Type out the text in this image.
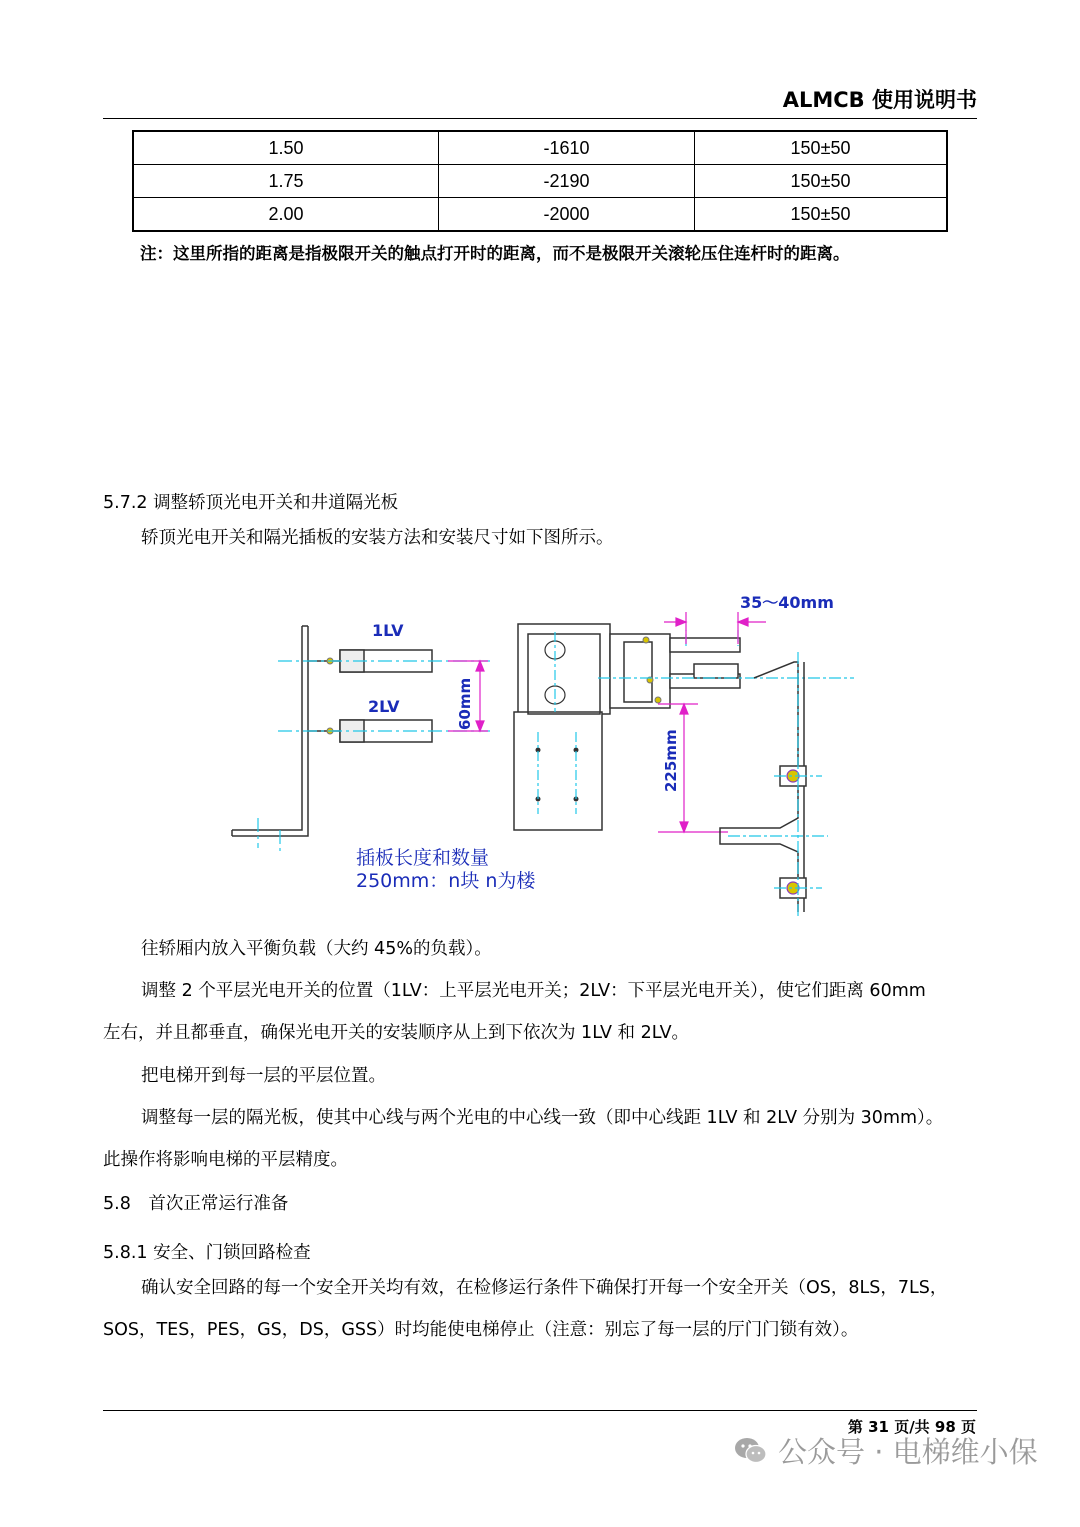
ALMCB 使用说明书
1.50	-1610	150±50
1.75	-2190	150±50
2.00	-2000	150±50
注：这里所指的距离是指极限开关的触点打开时的距离，而不是极限开关滚轮压住连杆时的距离。
5.7.2 调整轿顶光电开关和井道隔光板
轿顶光电开关和隔光插板的安装方法和安装尺寸如下图所示。
60mm
1LV
2LV
35～40mm
225mm
插板长度和数量
250mm：n块 n为楼
往轿厢内放入平衡负载（大约 45%的负载）。
调整 2 个平层光电开关的位置（1LV：上平层光电开关；2LV：下平层光电开关），使它们距离 60mm
左右，并且都垂直，确保光电开关的安装顺序从上到下依次为 1LV 和 2LV。
把电梯开到每一层的平层位置。
调整每一层的隔光板，使其中心线与两个光电的中心线一致（即中心线距 1LV 和 2LV 分别为 30mm）。
此操作将影响电梯的平层精度。
5.8　首次正常运行准备
5.8.1 安全、门锁回路检查
确认安全回路的每一个安全开关均有效，在检修运行条件下确保打开每一个安全开关（OS，8LS，7LS，
SOS，TES，PES，GS，DS，GSS）时均能使电梯停止（注意：别忘了每一层的厅门门锁有效）。
第 31 页/共 98 页
公众号 · 电梯维小保
